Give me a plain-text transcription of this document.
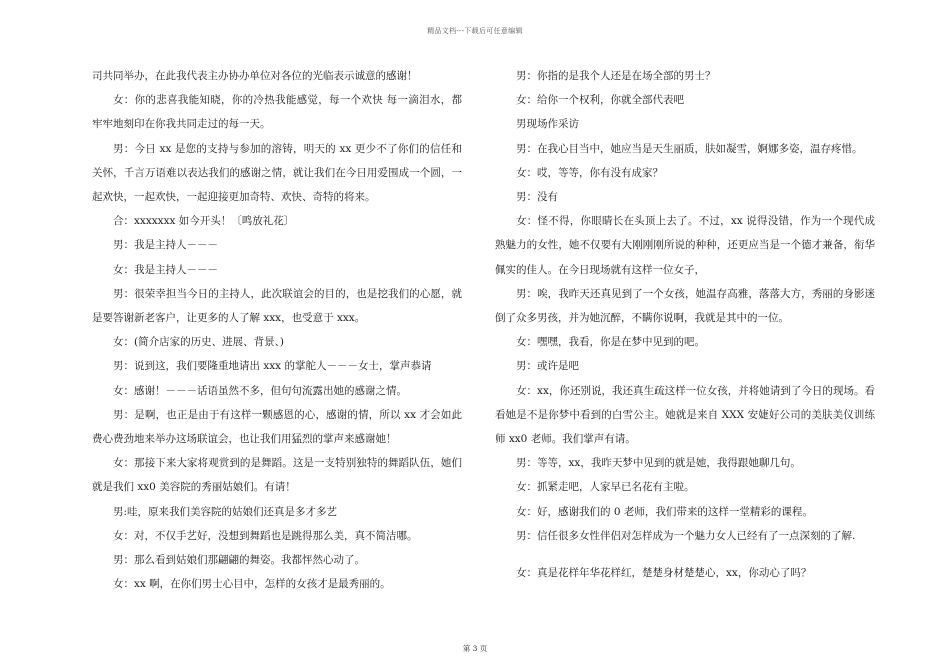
精品文档---下载后可任意编辑

司共同举办，在此我代表主办协办单位对各位的光临表示诚意的感谢！

女：你的悲喜我能知晓，你的冷热我能感觉，每一个欢快 每一滴泪水，都牢牢地刻印在你我共同走过的每一天。

男：今日 xx 是您的支持与参加的溶铸，明天的 xx 更少不了你们的信任和关怀，千言万语难以表达我们的感谢之情，就让我们在今日用爱围成一个圆，一起欢快，一起欢快，一起迎接更加奇特、欢快、奇特的将来。

合：xxxxxxx 如今开头！〔鸣放礼花〕

男：我是主持人－－－

女：我是主持人－－－

男：很荣幸担当今日的主持人，此次联谊会的目的，也是挖我们的心愿，就是要答谢新老客户，让更多的人了解 xxx，也受意于 xxx。

女：(简介店家的历史、进展、背景、)

男：说到这，我们要隆重地请出 xxx 的掌舵人－－－女士，掌声恭请

女：感谢！－－－话语虽然不多，但句句流露出她的感谢之情。

男：是啊，也正是由于有这样一颗感恩的心，感谢的情，所以 xx 才会如此费心费劲地来举办这场联谊会，也让我们用猛烈的掌声来感谢她！

女：那接下来大家将观赏到的是舞蹈。这是一支特别独特的舞蹈队伍，她们就是我们 xx0 美容院的秀丽姑娘们。有请！

男:哇，原来我们美容院的姑娘们还真是多才多艺

女：对，不仅手艺好，没想到舞蹈也是跳得那么美，真不简洁哪。

男：那么看到姑娘们那翩翩的舞姿。我都怦然心动了。

女：xx 啊，在你们男士心目中，怎样的女孩才是最秀丽的。

男：你指的是我个人还是在场全部的男士？

女：给你一个权利，你就全部代表吧

男现场作采访

男：在我心目当中，她应当是天生丽质，肤如凝雪，婀娜多姿，温存疼惜。

女：哎，等等，你有没有成家？

男：没有

女：怪不得，你眼睛长在头顶上去了。不过，xx 说得没错，作为一个现代成熟魅力的女性，她不仅要有大刚刚刚所说的种种，还更应当是一个德才兼备，衔华佩实的佳人。在今日现场就有这样一位女子，

男：唉，我昨天还真见到了一个女孩，她温存高雅，落落大方，秀丽的身影迷倒了众多男孩，并为她沉醉，不瞒你说啊，我就是其中的一位。

女：嘿嘿，我看，你是在梦中见到的吧。

男：或许是吧

女：xx，你还别说，我还真生疏这样一位女孩，并将她请到了今日的现场。看看她是不是你梦中看到的白雪公主。她就是来自 XXX 安婕好公司的美肤美仪训练师 xx0 老师。我们掌声有请。

男：等等，xx，我昨天梦中见到的就是她，我得跟她聊几句。

女：抓紧走吧，人家早已名花有主啦。

女：好，感谢我们的 0 老师，我们带来的这样一堂精彩的课程。

男：信任很多女性伴侣对怎样成为一个魅力女人已经有了一点深刻的了解.

女：真是花样年华花样红，楚楚身材楚楚心，xx，你动心了吗？

第 3 页
